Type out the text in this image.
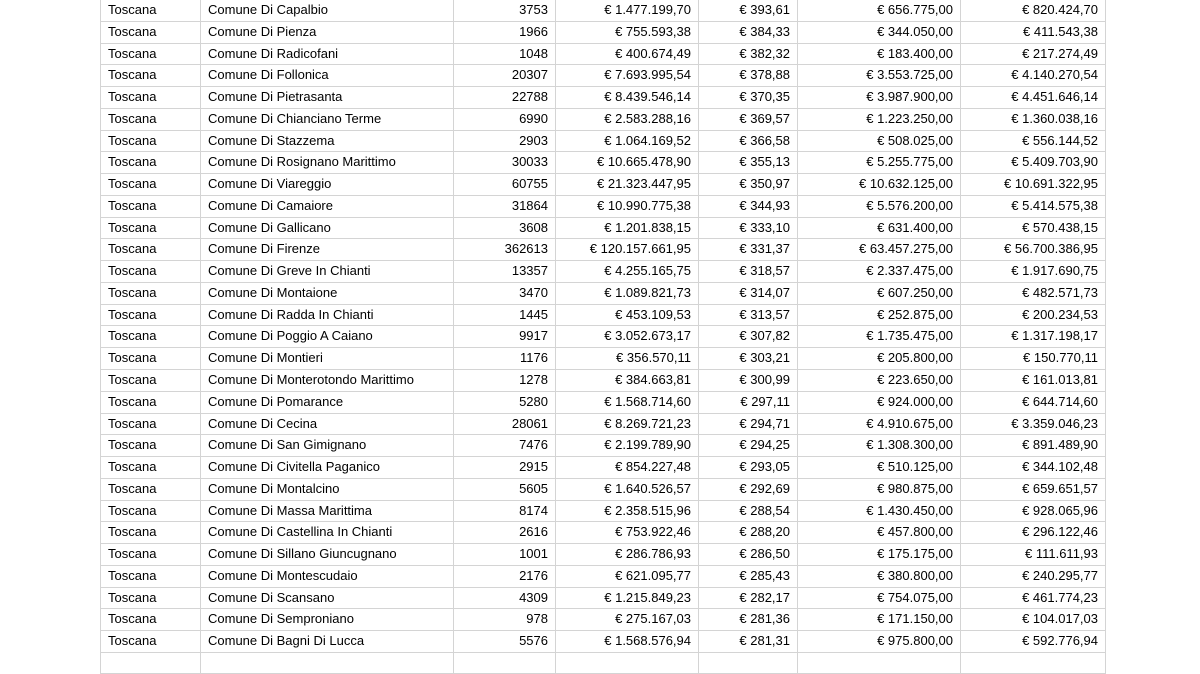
Toscana	Comune Di Capalbio	3753	€ 1.477.199,70	€ 393,61	€ 656.775,00	€ 820.424,70
Toscana	Comune Di Pienza	1966	€ 755.593,38	€ 384,33	€ 344.050,00	€ 411.543,38
Toscana	Comune Di Radicofani	1048	€ 400.674,49	€ 382,32	€ 183.400,00	€ 217.274,49
Toscana	Comune Di Follonica	20307	€ 7.693.995,54	€ 378,88	€ 3.553.725,00	€ 4.140.270,54
Toscana	Comune Di Pietrasanta	22788	€ 8.439.546,14	€ 370,35	€ 3.987.900,00	€ 4.451.646,14
Toscana	Comune Di Chianciano Terme	6990	€ 2.583.288,16	€ 369,57	€ 1.223.250,00	€ 1.360.038,16
Toscana	Comune Di Stazzema	2903	€ 1.064.169,52	€ 366,58	€ 508.025,00	€ 556.144,52
Toscana	Comune Di Rosignano Marittimo	30033	€ 10.665.478,90	€ 355,13	€ 5.255.775,00	€ 5.409.703,90
Toscana	Comune Di Viareggio	60755	€ 21.323.447,95	€ 350,97	€ 10.632.125,00	€ 10.691.322,95
Toscana	Comune Di Camaiore	31864	€ 10.990.775,38	€ 344,93	€ 5.576.200,00	€ 5.414.575,38
Toscana	Comune Di Gallicano	3608	€ 1.201.838,15	€ 333,10	€ 631.400,00	€ 570.438,15
Toscana	Comune Di Firenze	362613	€ 120.157.661,95	€ 331,37	€ 63.457.275,00	€ 56.700.386,95
Toscana	Comune Di Greve In Chianti	13357	€ 4.255.165,75	€ 318,57	€ 2.337.475,00	€ 1.917.690,75
Toscana	Comune Di Montaione	3470	€ 1.089.821,73	€ 314,07	€ 607.250,00	€ 482.571,73
Toscana	Comune Di Radda In Chianti	1445	€ 453.109,53	€ 313,57	€ 252.875,00	€ 200.234,53
Toscana	Comune Di Poggio A Caiano	9917	€ 3.052.673,17	€ 307,82	€ 1.735.475,00	€ 1.317.198,17
Toscana	Comune Di Montieri	1176	€ 356.570,11	€ 303,21	€ 205.800,00	€ 150.770,11
Toscana	Comune Di Monterotondo Marittimo	1278	€ 384.663,81	€ 300,99	€ 223.650,00	€ 161.013,81
Toscana	Comune Di Pomarance	5280	€ 1.568.714,60	€ 297,11	€ 924.000,00	€ 644.714,60
Toscana	Comune Di Cecina	28061	€ 8.269.721,23	€ 294,71	€ 4.910.675,00	€ 3.359.046,23
Toscana	Comune Di San Gimignano	7476	€ 2.199.789,90	€ 294,25	€ 1.308.300,00	€ 891.489,90
Toscana	Comune Di Civitella Paganico	2915	€ 854.227,48	€ 293,05	€ 510.125,00	€ 344.102,48
Toscana	Comune Di Montalcino	5605	€ 1.640.526,57	€ 292,69	€ 980.875,00	€ 659.651,57
Toscana	Comune Di Massa Marittima	8174	€ 2.358.515,96	€ 288,54	€ 1.430.450,00	€ 928.065,96
Toscana	Comune Di Castellina In Chianti	2616	€ 753.922,46	€ 288,20	€ 457.800,00	€ 296.122,46
Toscana	Comune Di Sillano Giuncugnano	1001	€ 286.786,93	€ 286,50	€ 175.175,00	€ 111.611,93
Toscana	Comune Di Montescudaio	2176	€ 621.095,77	€ 285,43	€ 380.800,00	€ 240.295,77
Toscana	Comune Di Scansano	4309	€ 1.215.849,23	€ 282,17	€ 754.075,00	€ 461.774,23
Toscana	Comune Di Semproniano	978	€ 275.167,03	€ 281,36	€ 171.150,00	€ 104.017,03
Toscana	Comune Di Bagni Di Lucca	5576	€ 1.568.576,94	€ 281,31	€ 975.800,00	€ 592.776,94
